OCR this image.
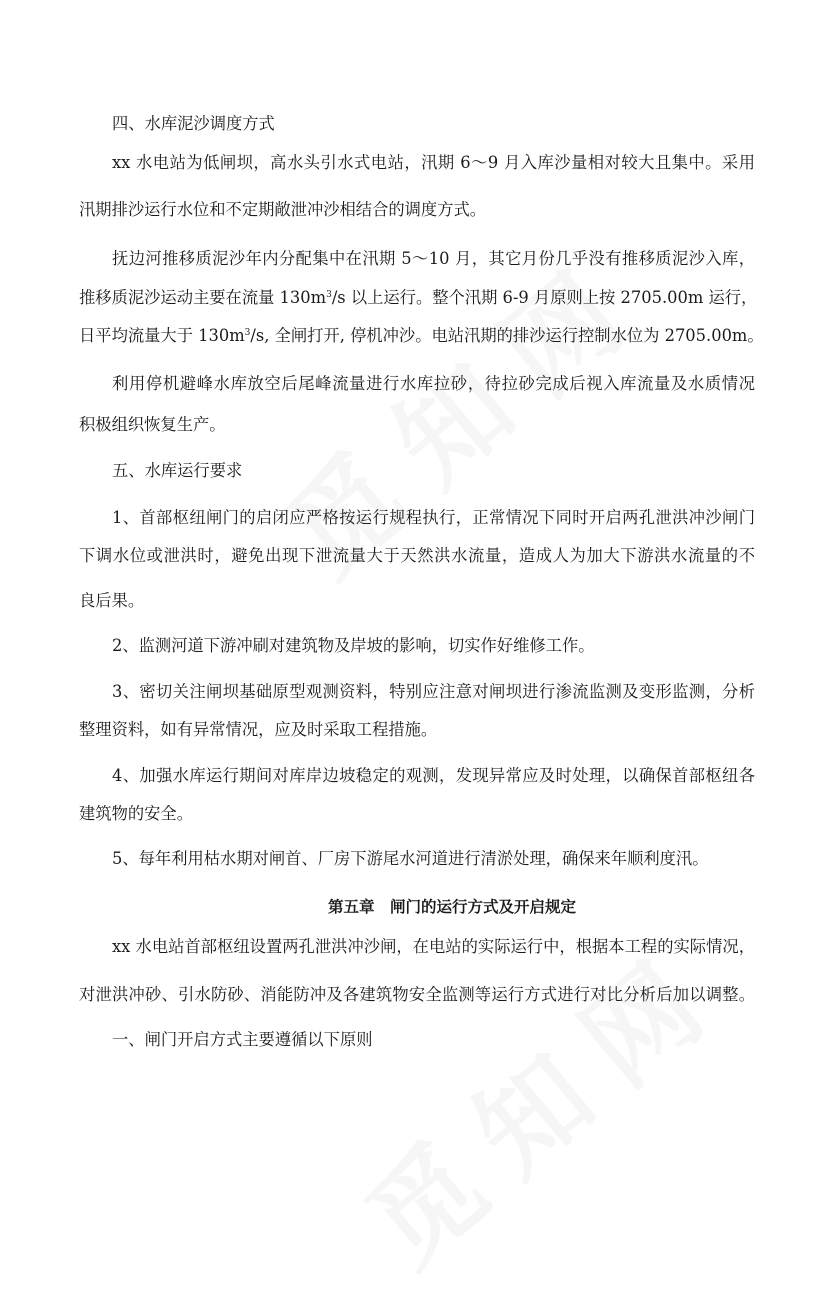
四、水库泥沙调度方式
xx 水电站为低闸坝，高水头引水式电站，汛期 6～9 月入库沙量相对较大且集中。采用
汛期排沙运行水位和不定期敞泄冲沙相结合的调度方式。
抚边河推移质泥沙年内分配集中在汛期 5～10 月，其它月份几乎没有推移质泥沙入库，
推移质泥沙运动主要在流量 $130m^3/s$ 以上运行。整个汛期 6-9 月原则上按 2705.00m 运行，
日平均流量大于 $130m^3/s$, 全闸打开, 停机冲沙。电站汛期的排沙运行控制水位为 2705.00m。
利用停机避峰水库放空后尾峰流量进行水库拉砂，待拉砂完成后视入库流量及水质情况
积极组织恢复生产。
五、水库运行要求
1、首部枢纽闸门的启闭应严格按运行规程执行，正常情况下同时开启两孔泄洪冲沙闸门
下调水位或泄洪时，避免出现下泄流量大于天然洪水流量，造成人为加大下游洪水流量的不
良后果。
2、监测河道下游冲刷对建筑物及岸坡的影响，切实作好维修工作。
3、密切关注闸坝基础原型观测资料，特别应注意对闸坝进行渗流监测及变形监测，分析
整理资料，如有异常情况，应及时采取工程措施。
4、加强水库运行期间对库岸边坡稳定的观测，发现异常应及时处理，以确保首部枢纽各
建筑物的安全。
5、每年利用枯水期对闸首、厂房下游尾水河道进行清淤处理，确保来年顺利度汛。
第五章　闸门的运行方式及开启规定
xx 水电站首部枢纽设置两孔泄洪冲沙闸，在电站的实际运行中，根据本工程的实际情况，
对泄洪冲砂、引水防砂、消能防冲及各建筑物安全监测等运行方式进行对比分析后加以调整。
一、闸门开启方式主要遵循以下原则
